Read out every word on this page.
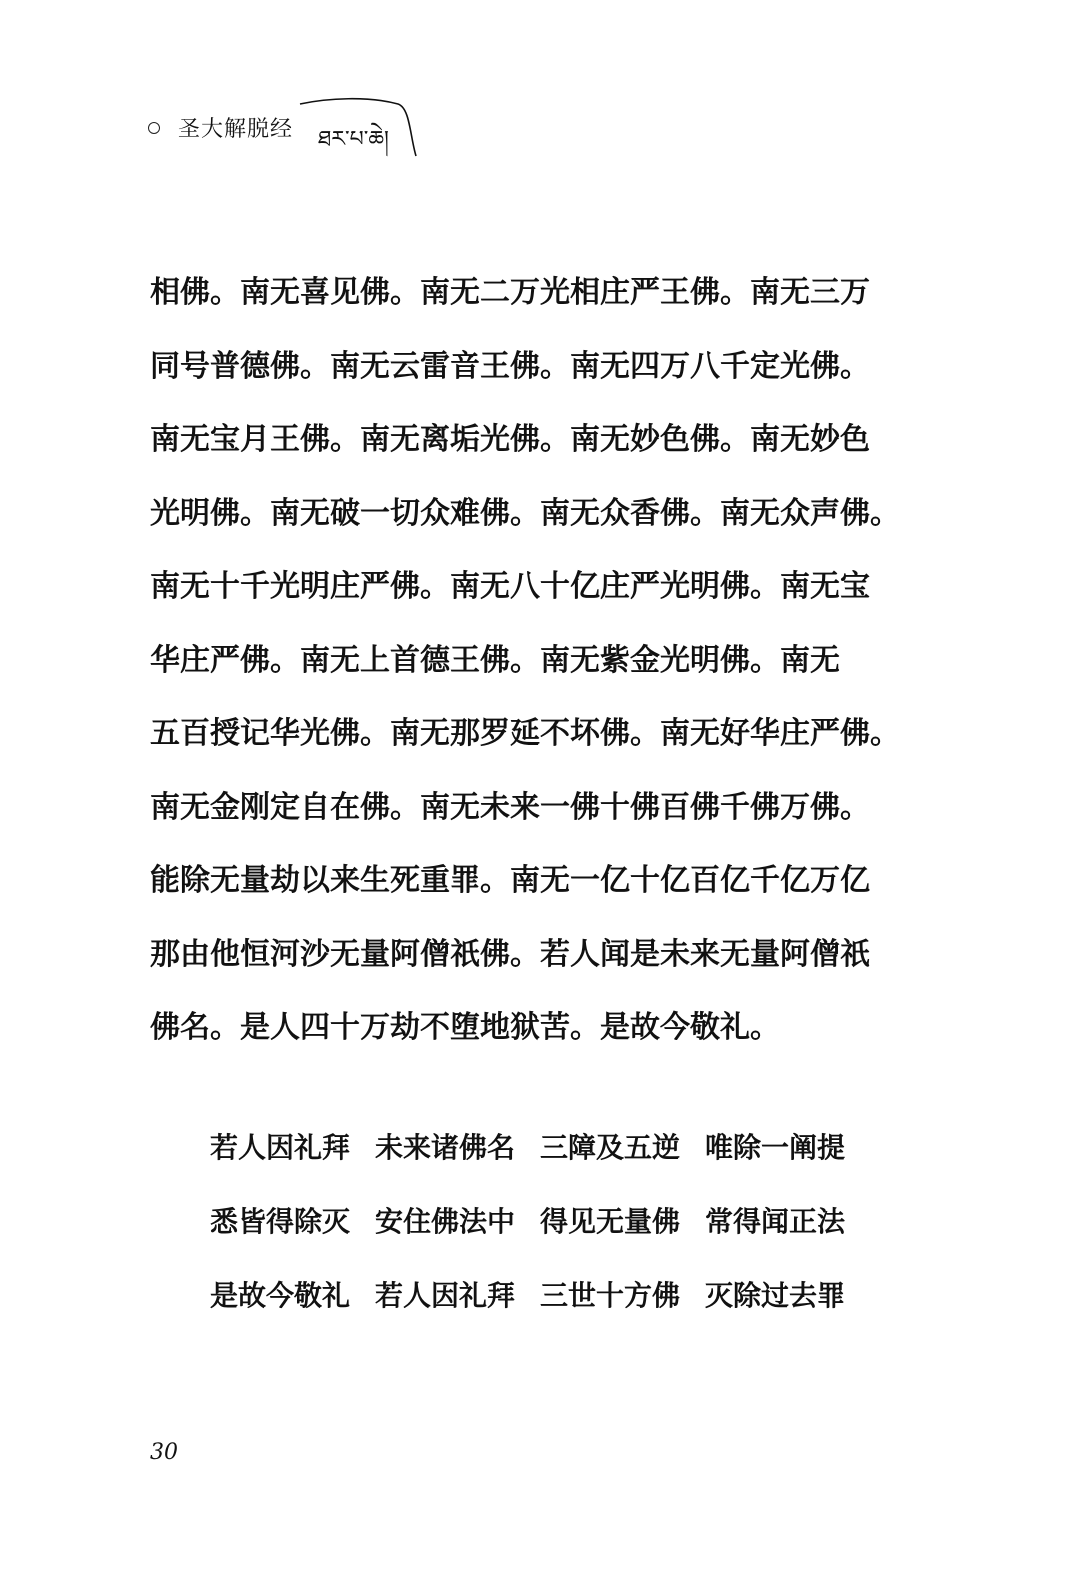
圣大解脱经 ཐར་པ་ཆེ།
相佛。南无喜见佛。南无二万光相庄严王佛。南无三万
同号普德佛。南无云雷音王佛。南无四万八千定光佛。
南无宝月王佛。南无离垢光佛。南无妙色佛。南无妙色
光明佛。南无破一切众难佛。南无众香佛。南无众声佛。
南无十千光明庄严佛。南无八十亿庄严光明佛。南无宝
华庄严佛。南无上首德王佛。南无紫金光明佛。南无
五百授记华光佛。南无那罗延不坏佛。南无好华庄严佛。
南无金刚定自在佛。南无未来一佛十佛百佛千佛万佛。
能除无量劫以来生死重罪。南无一亿十亿百亿千亿万亿
那由他恒河沙无量阿僧祇佛。若人闻是未来无量阿僧祇
佛名。是人四十万劫不堕地狱苦。是故今敬礼。
若人因礼拜 未来诸佛名 三障及五逆 唯除一阐提
悉皆得除灭 安住佛法中 得见无量佛 常得闻正法
是故今敬礼 若人因礼拜 三世十方佛 灭除过去罪
30
